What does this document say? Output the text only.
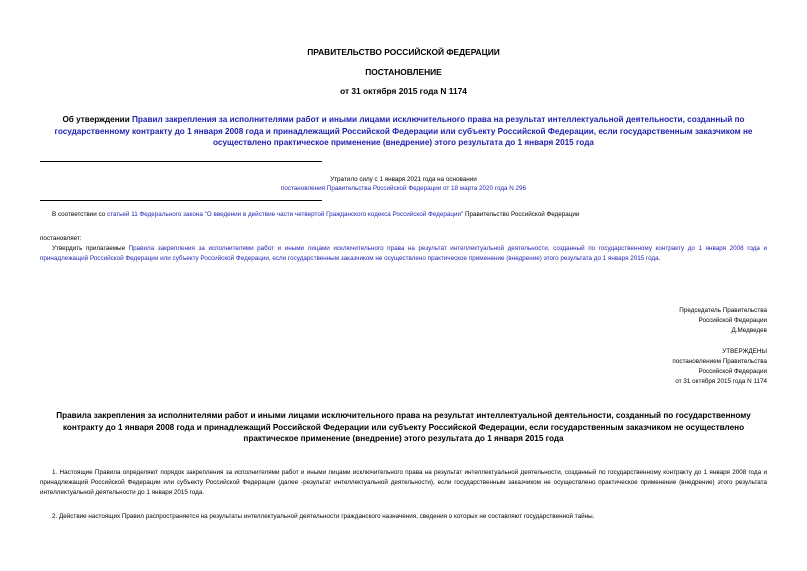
ПРАВИТЕЛЬСТВО РОССИЙСКОЙ ФЕДЕРАЦИИ
ПОСТАНОВЛЕНИЕ
от 31 октября 2015 года N 1174
Об утверждении Правил закрепления за исполнителями работ и иными лицами исключительного права на результат интеллектуальной деятельности, созданный по государственному контракту до 1 января 2008 года и принадлежащий Российской Федерации или субъекту Российской Федерации, если государственным заказчиком не осуществлено практическое применение (внедрение) этого результата до 1 января 2015 года
Утратило силу с 1 января 2021 года на основании
постановления Правительства Российской Федерации от 18 марта 2020 года N 296
В соответствии со статьей 11 Федерального закона "О введении в действие части четвертой Гражданского кодекса Российской Федерации" Правительство Российской Федерации
постановляет:
Утвердить прилагаемые Правила закрепления за исполнителями работ и иными лицами исключительного права на результат интеллектуальной деятельности, созданный по государственному контракту до 1 января 2008 года и принадлежащий Российской Федерации или субъекту Российской Федерации, если государственным заказчиком не осуществлено практическое применение (внедрение) этого результата до 1 января 2015 года.
Председатель Правительства
Российской Федерации
Д.Медведев
УТВЕРЖДЕНЫ
постановлением Правительства
Российской Федерации
от 31 октября 2015 года N 1174
Правила закрепления за исполнителями работ и иными лицами исключительного права на результат интеллектуальной деятельности, созданный по государственному контракту до 1 января 2008 года и принадлежащий Российской Федерации или субъекту Российской Федерации, если государственным заказчиком не осуществлено практическое применение (внедрение) этого результата до 1 января 2015 года
1. Настоящие Правила определяют порядок закрепления за исполнителями работ и иными лицами исключительного права на результат интеллектуальной деятельности, созданный по государственному контракту до 1 января 2008 года и принадлежащий Российской Федерации или субъекту Российской Федерации (далее -результат интеллектуальной деятельности), если государственным заказчиком не осуществлено практическое применение (внедрение) этого результата интеллектуальной деятельности до 1 января 2015 года.
2. Действие настоящих Правил распространяется на результаты интеллектуальной деятельности гражданского назначения, сведения о которых не составляют государственной тайны.
